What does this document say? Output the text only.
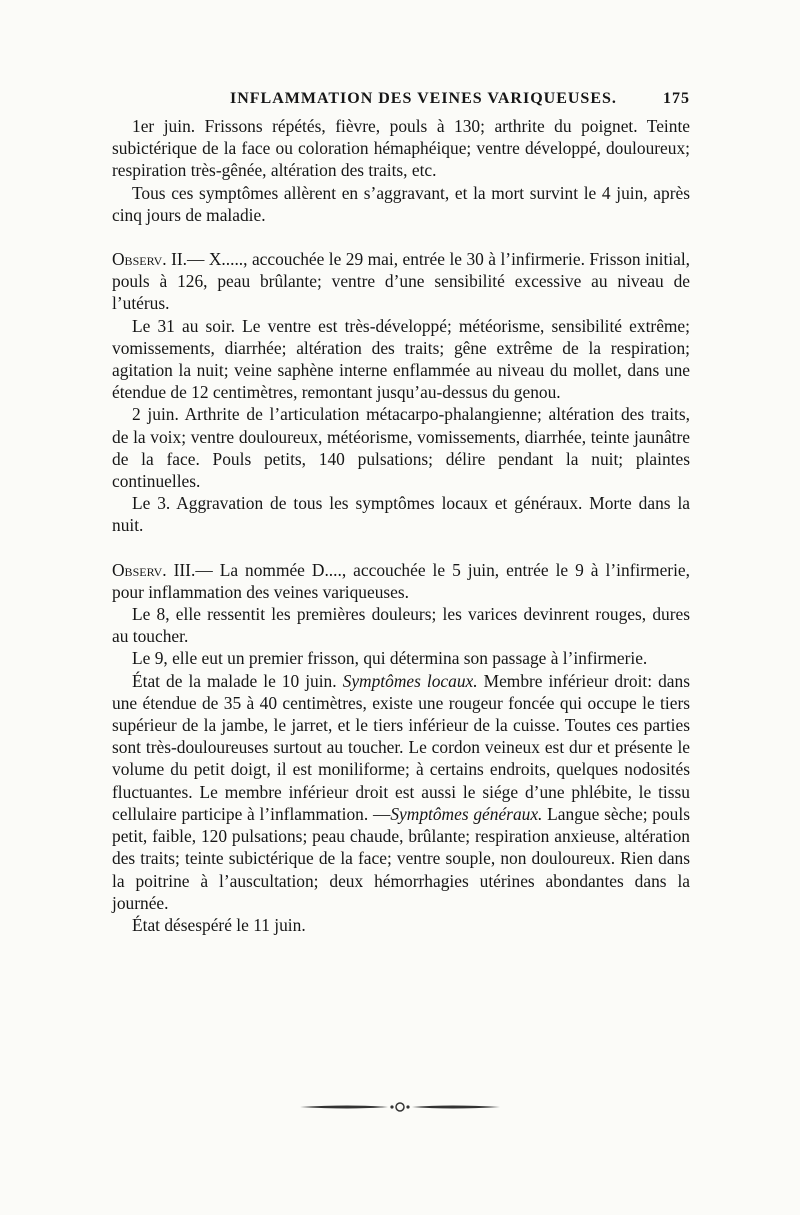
INFLAMMATION DES VEINES VARIQUEUSES.	175

1er juin. Frissons répétés, fièvre, pouls à 130; arthrite du poignet. Teinte subictérique de la face ou coloration hémaphéique; ventre développé, douloureux; respiration très-gênée, altération des traits, etc.

Tous ces symptômes allèrent en s’aggravant, et la mort survint le 4 juin, après cinq jours de maladie.

Observ. II.— X....., accouchée le 29 mai, entrée le 30 à l’infirmerie. Frisson initial, pouls à 126, peau brûlante; ventre d’une sensibilité excessive au niveau de l’utérus.

Le 31 au soir. Le ventre est très-développé; météorisme, sensibilité extrême; vomissements, diarrhée; altération des traits; gêne extrême de la respiration; agitation la nuit; veine saphène interne enflammée au niveau du mollet, dans une étendue de 12 centimètres, remontant jusqu’au-dessus du genou.

2 juin. Arthrite de l’articulation métacarpo-phalangienne; altération des traits, de la voix; ventre douloureux, météorisme, vomissements, diarrhée, teinte jaunâtre de la face. Pouls petits, 140 pulsations; délire pendant la nuit; plaintes continuelles.

Le 3. Aggravation de tous les symptômes locaux et généraux. Morte dans la nuit.

Observ. III.— La nommée D...., accouchée le 5 juin, entrée le 9 à l’infirmerie, pour inflammation des veines variqueuses.

Le 8, elle ressentit les premières douleurs; les varices devinrent rouges, dures au toucher.

Le 9, elle eut un premier frisson, qui détermina son passage à l’infirmerie.

État de la malade le 10 juin. Symptômes locaux. Membre inférieur droit: dans une étendue de 35 à 40 centimètres, existe une rougeur foncée qui occupe le tiers supérieur de la jambe, le jarret, et le tiers inférieur de la cuisse. Toutes ces parties sont très-douloureuses surtout au toucher. Le cordon veineux est dur et présente le volume du petit doigt, il est moniliforme; à certains endroits, quelques nodosités fluctuantes. Le membre inférieur droit est aussi le siége d’une phlébite, le tissu cellulaire participe à l’inflammation. —Symptômes généraux. Langue sèche; pouls petit, faible, 120 pulsations; peau chaude, brûlante; respiration anxieuse, altération des traits; teinte subictérique de la face; ventre souple, non douloureux. Rien dans la poitrine à l’auscultation; deux hémorrhagies utérines abondantes dans la journée.

État désespéré le 11 juin.
